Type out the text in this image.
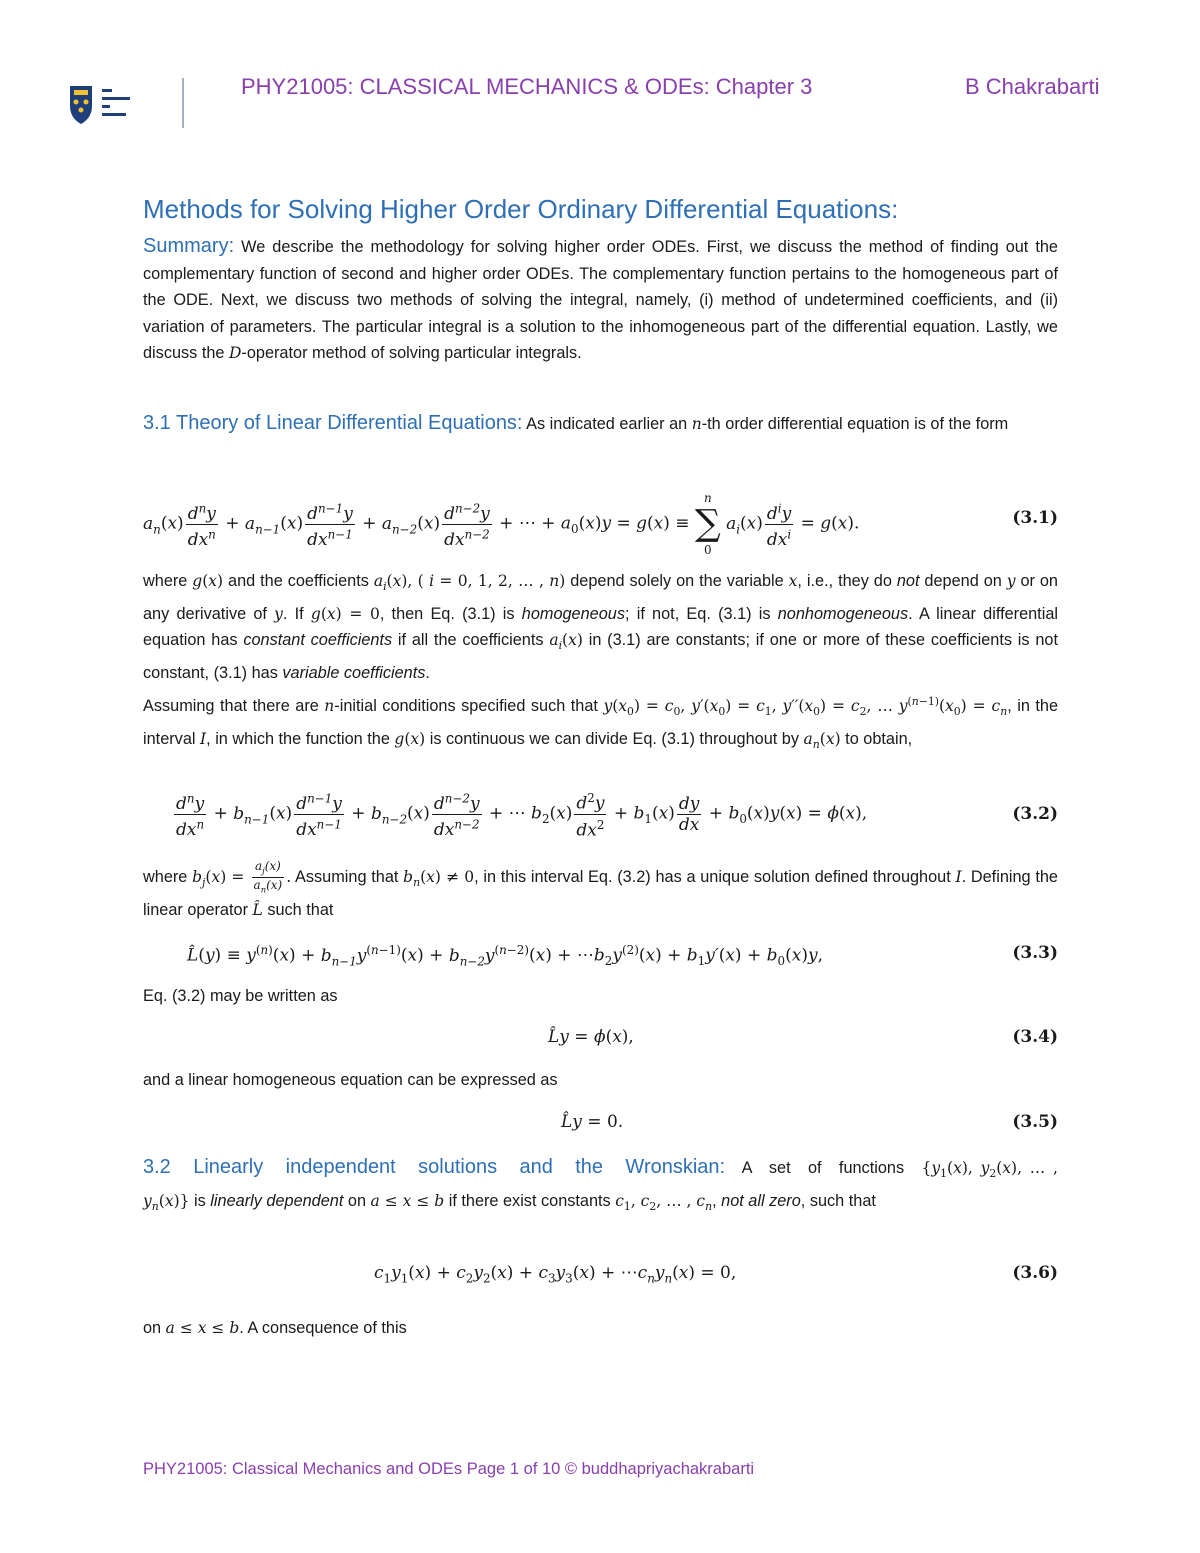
PHY21005: CLASSICAL MECHANICS & ODEs: Chapter 3	B Chakrabarti
Methods for Solving Higher Order Ordinary Differential Equations:

Summary: We describe the methodology for solving higher order ODEs. First, we discuss the method of finding out the complementary function of second and higher order ODEs. The complementary function pertains to the homogeneous part of the ODE. Next, we discuss two methods of solving the integral, namely, (i) method of undetermined coefficients, and (ii) variation of parameters. The particular integral is a solution to the inhomogeneous part of the differential equation. Lastly, we discuss the D-operator method of solving particular integrals.

3.1 Theory of Linear Differential Equations: As indicated earlier an n-th order differential equation is of the form

$a_n(x) \frac{d^ny}{dx^n} + a_{n-1}(x) \frac{d^{n-1}y}{dx^{n-1}} + a_{n-2}(x) \frac{d^{n-2}y}{dx^{n-2}}$ + ⋯ + $a_0(x)y = g(x)$ ≡
n
∑
0
$a_i(x) \frac{d^iy}{dx^i} = g(x)$.	(3.1)

where g(x) and the coefficients $a_i(x)$, ( i = 0, 1, 2, … , n) depend solely on the variable x, i.e., they do not depend on y or on any derivative of y. If g(x) = 0, then Eq. (3.1) is homogeneous; if not, Eq. (3.1) is nonhomogeneous. A linear differential equation has constant coefficients if all the coefficients $a_i(x)$ in (3.1) are constants; if one or more of these coefficients is not constant, (3.1) has variable coefficients.

Assuming that there are n-initial conditions specified such that $y(x_0) = c_0$, $y'(x_0) = c_1$, $y''(x_0) = c_2$, … $y^{(n-1)}(x_0) = c_n$, in the interval I, in which the function the g(x) is continuous we can divide Eq. (3.1) throughout by $a_n(x)$ to obtain,

$\frac{d^ny}{dx^n} + b_{n-1}(x) \frac{d^{n-1}y}{dx^{n-1}} + b_{n-2}(x) \frac{d^{n-2}y}{dx^{n-2}}$ + ⋯ $b_2(x) \frac{d^2y}{dx^2} + b_1(x) \frac{dy}{dx} + b_0(x)y(x) = \phi(x)$,	(3.2)

where $b_j(x) = \frac{a_j(x)}{a_n(x)}$ . Assuming that $b_n(x) \ne 0$, in this interval Eq. (3.2) has a unique solution defined throughout I. Defining the linear operator L̂ such that

L̂(y) ≡ $y^{(n)}(x) + b_{n-1}y^{(n-1)}(x) + b_{n-2}y^{(n-2)}(x)$ + $\cdots b_2y^{(2)}(x) + b_1y'(x) + b_0(x)y$,	(3.3)

Eq. (3.2) may be written as

L̂y = ϕ(x),	(3.4)

and a linear homogeneous equation can be expressed as

L̂y = 0.	(3.5)

3.2 Linearly independent solutions and the Wronskian: A set of functions {$y_1(x)$, $y_2(x)$, … , $y_n(x)$} is linearly dependent on a ≤ x ≤ b if there exist constants $c_1$, $c_2$, … , $c_n$, not all zero, such that

$c_1y_1(x) + c_2y_2(x) + c_3y_3(x)$ + $\cdots c_ny_n(x) = 0$,	(3.6)

on a ≤ x ≤ b. A consequence of this

PHY21005: Classical Mechanics and ODEs Page 1 of 10 © buddhapriyachakrabarti
